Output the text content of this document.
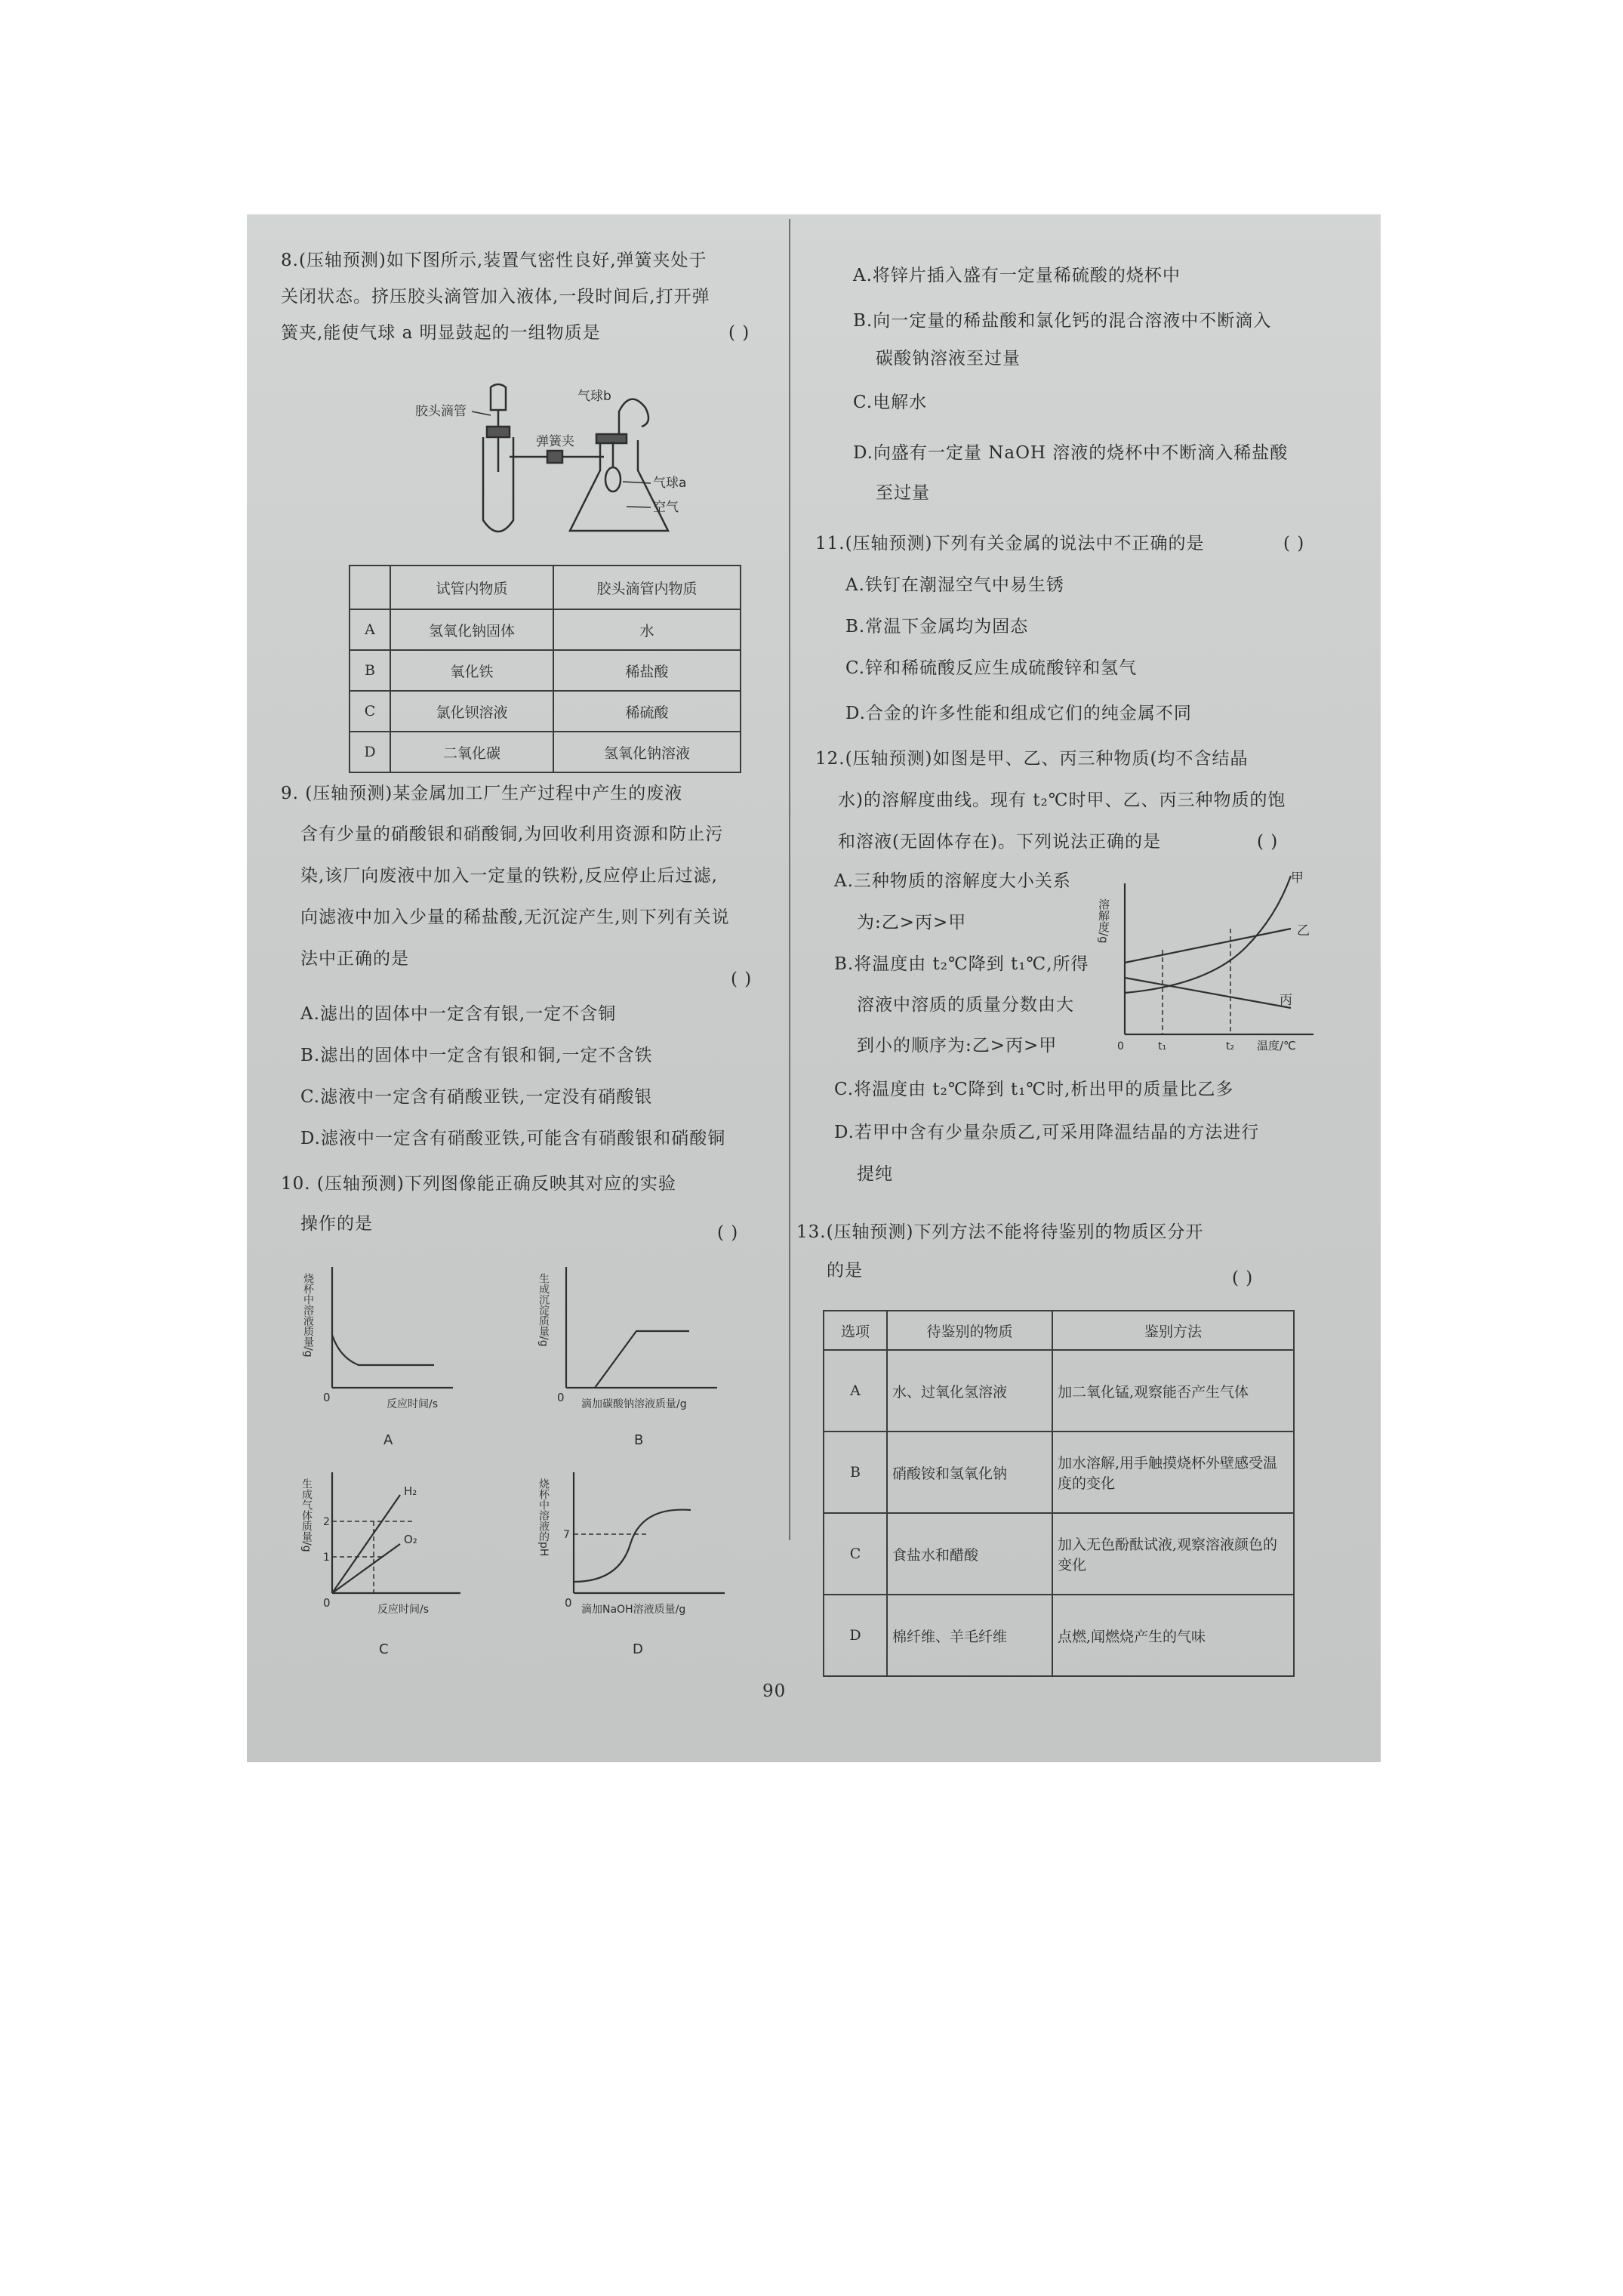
8.(压轴预测)如下图所示,装置气密性良好,弹簧夹处于
关闭状态。挤压胶头滴管加入液体,一段时间后,打开弹
簧夹,能使气球 a 明显鼓起的一组物质是	( )
胶头滴管
气球b
弹簧夹
气球a
空气
	试管内物质	胶头滴管内物质
A	氢氧化钠固体	水
B	氧化铁	稀盐酸
C	氯化钡溶液	稀硫酸
D	二氧化碳	氢氧化钠溶液
9. (压轴预测)某金属加工厂生产过程中产生的废液
含有少量的硝酸银和硝酸铜,为回收利用资源和防止污
染,该厂向废液中加入一定量的铁粉,反应停止后过滤,
向滤液中加入少量的稀盐酸,无沉淀产生,则下列有关说
法中正确的是
( )
A.滤出的固体中一定含有银,一定不含铜
B.滤出的固体中一定含有银和铜,一定不含铁
C.滤液中一定含有硝酸亚铁,一定没有硝酸银
D.滤液中一定含有硝酸亚铁,可能含有硝酸银和硝酸铜
10. (压轴预测)下列图像能正确反映其对应的实验
操作的是	( )
烧杯中溶液质量/g
0	反应时间/s
A
生成沉淀质量/g
0 滴加碳酸钠溶液质量/g
B
生成气体质量/g 2
1
H₂
O₂
0	反应时间/s
C
烧杯中溶液的pH 7
0 滴加NaOH溶液质量/g
D
A.将锌片插入盛有一定量稀硫酸的烧杯中
B.向一定量的稀盐酸和氯化钙的混合溶液中不断滴入
碳酸钠溶液至过量
C.电解水
D.向盛有一定量 NaOH 溶液的烧杯中不断滴入稀盐酸
至过量
11.(压轴预测)下列有关金属的说法中不正确的是	( )
A.铁钉在潮湿空气中易生锈
B.常温下金属均为固态
C.锌和稀硫酸反应生成硫酸锌和氢气
D.合金的许多性能和组成它们的纯金属不同
12.(压轴预测)如图是甲、乙、丙三种物质(均不含结晶
水)的溶解度曲线。现有 t₂℃时甲、乙、丙三种物质的饱
和溶液(无固体存在)。下列说法正确的是	( )
A.三种物质的溶解度大小关系
为:乙>丙>甲
B.将温度由 t₂℃降到 t₁℃,所得
溶液中溶质的质量分数由大
到小的顺序为:乙>丙>甲
C.将温度由 t₂℃降到 t₁℃时,析出甲的质量比乙多
D.若甲中含有少量杂质乙,可采用降温结晶的方法进行
提纯
溶解度/g
甲
乙
丙
0	t₁	t₂ 温度/℃
13.(压轴预测)下列方法不能将待鉴别的物质区分开
的是	( )
选项	待鉴别的物质	鉴别方法
A	水、过氧化氢溶液	加二氧化锰,观察能否产生气体
B	硝酸铵和氢氧化钠	加水溶解,用手触摸烧杯外壁感受温度的变化
C	食盐水和醋酸	加入无色酚酞试液,观察溶液颜色的变化
D	棉纤维、羊毛纤维	点燃,闻燃烧产生的气味
90
